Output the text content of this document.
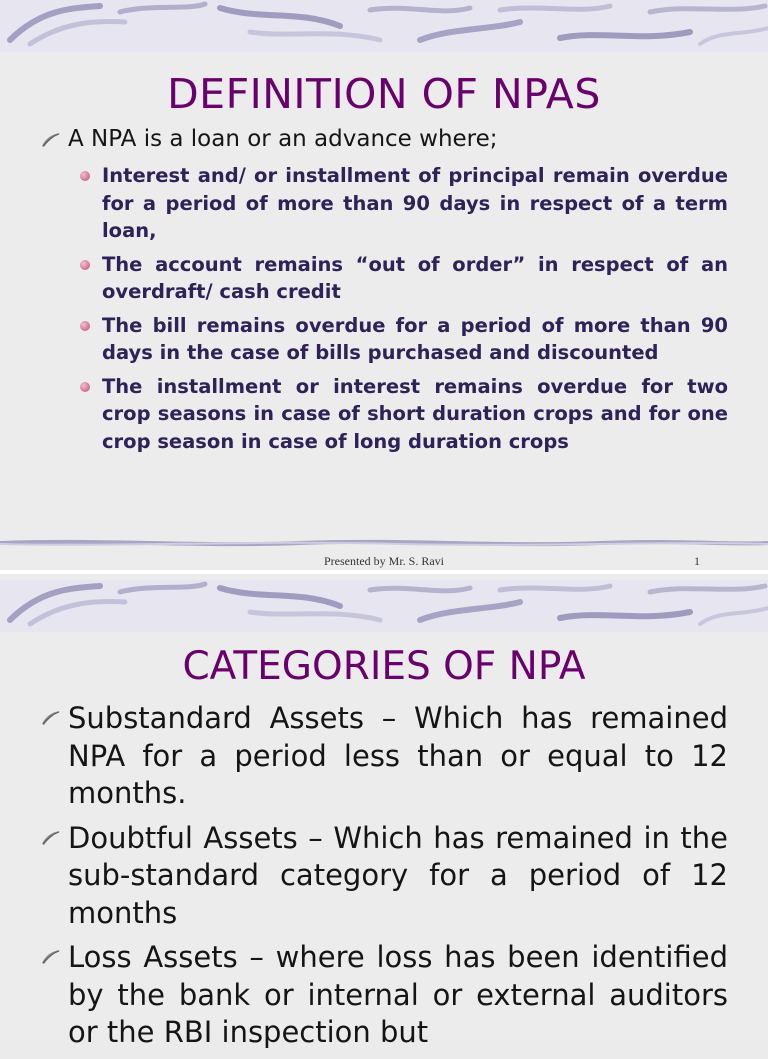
DEFINITION OF NPAS
A NPA is a loan or an advance where;
Interest and/ or installment of principal remain overdue for a period of more than 90 days in respect of a term loan,
The account remains “out of order” in respect of an overdraft/ cash credit
The bill remains overdue for a period of more than 90 days in the case of bills purchased and discounted
The installment or interest remains overdue for two crop seasons in case of short duration crops and for one crop season in case of long duration crops
Presented by Mr. S. Ravi	1
CATEGORIES OF NPA
Substandard Assets – Which has remained NPA for a period less than or equal to 12 months.
Doubtful Assets – Which has remained in the sub-standard category for a period of 12 months
Loss Assets – where loss has been identified by the bank or internal or external auditors or the RBI inspection but
